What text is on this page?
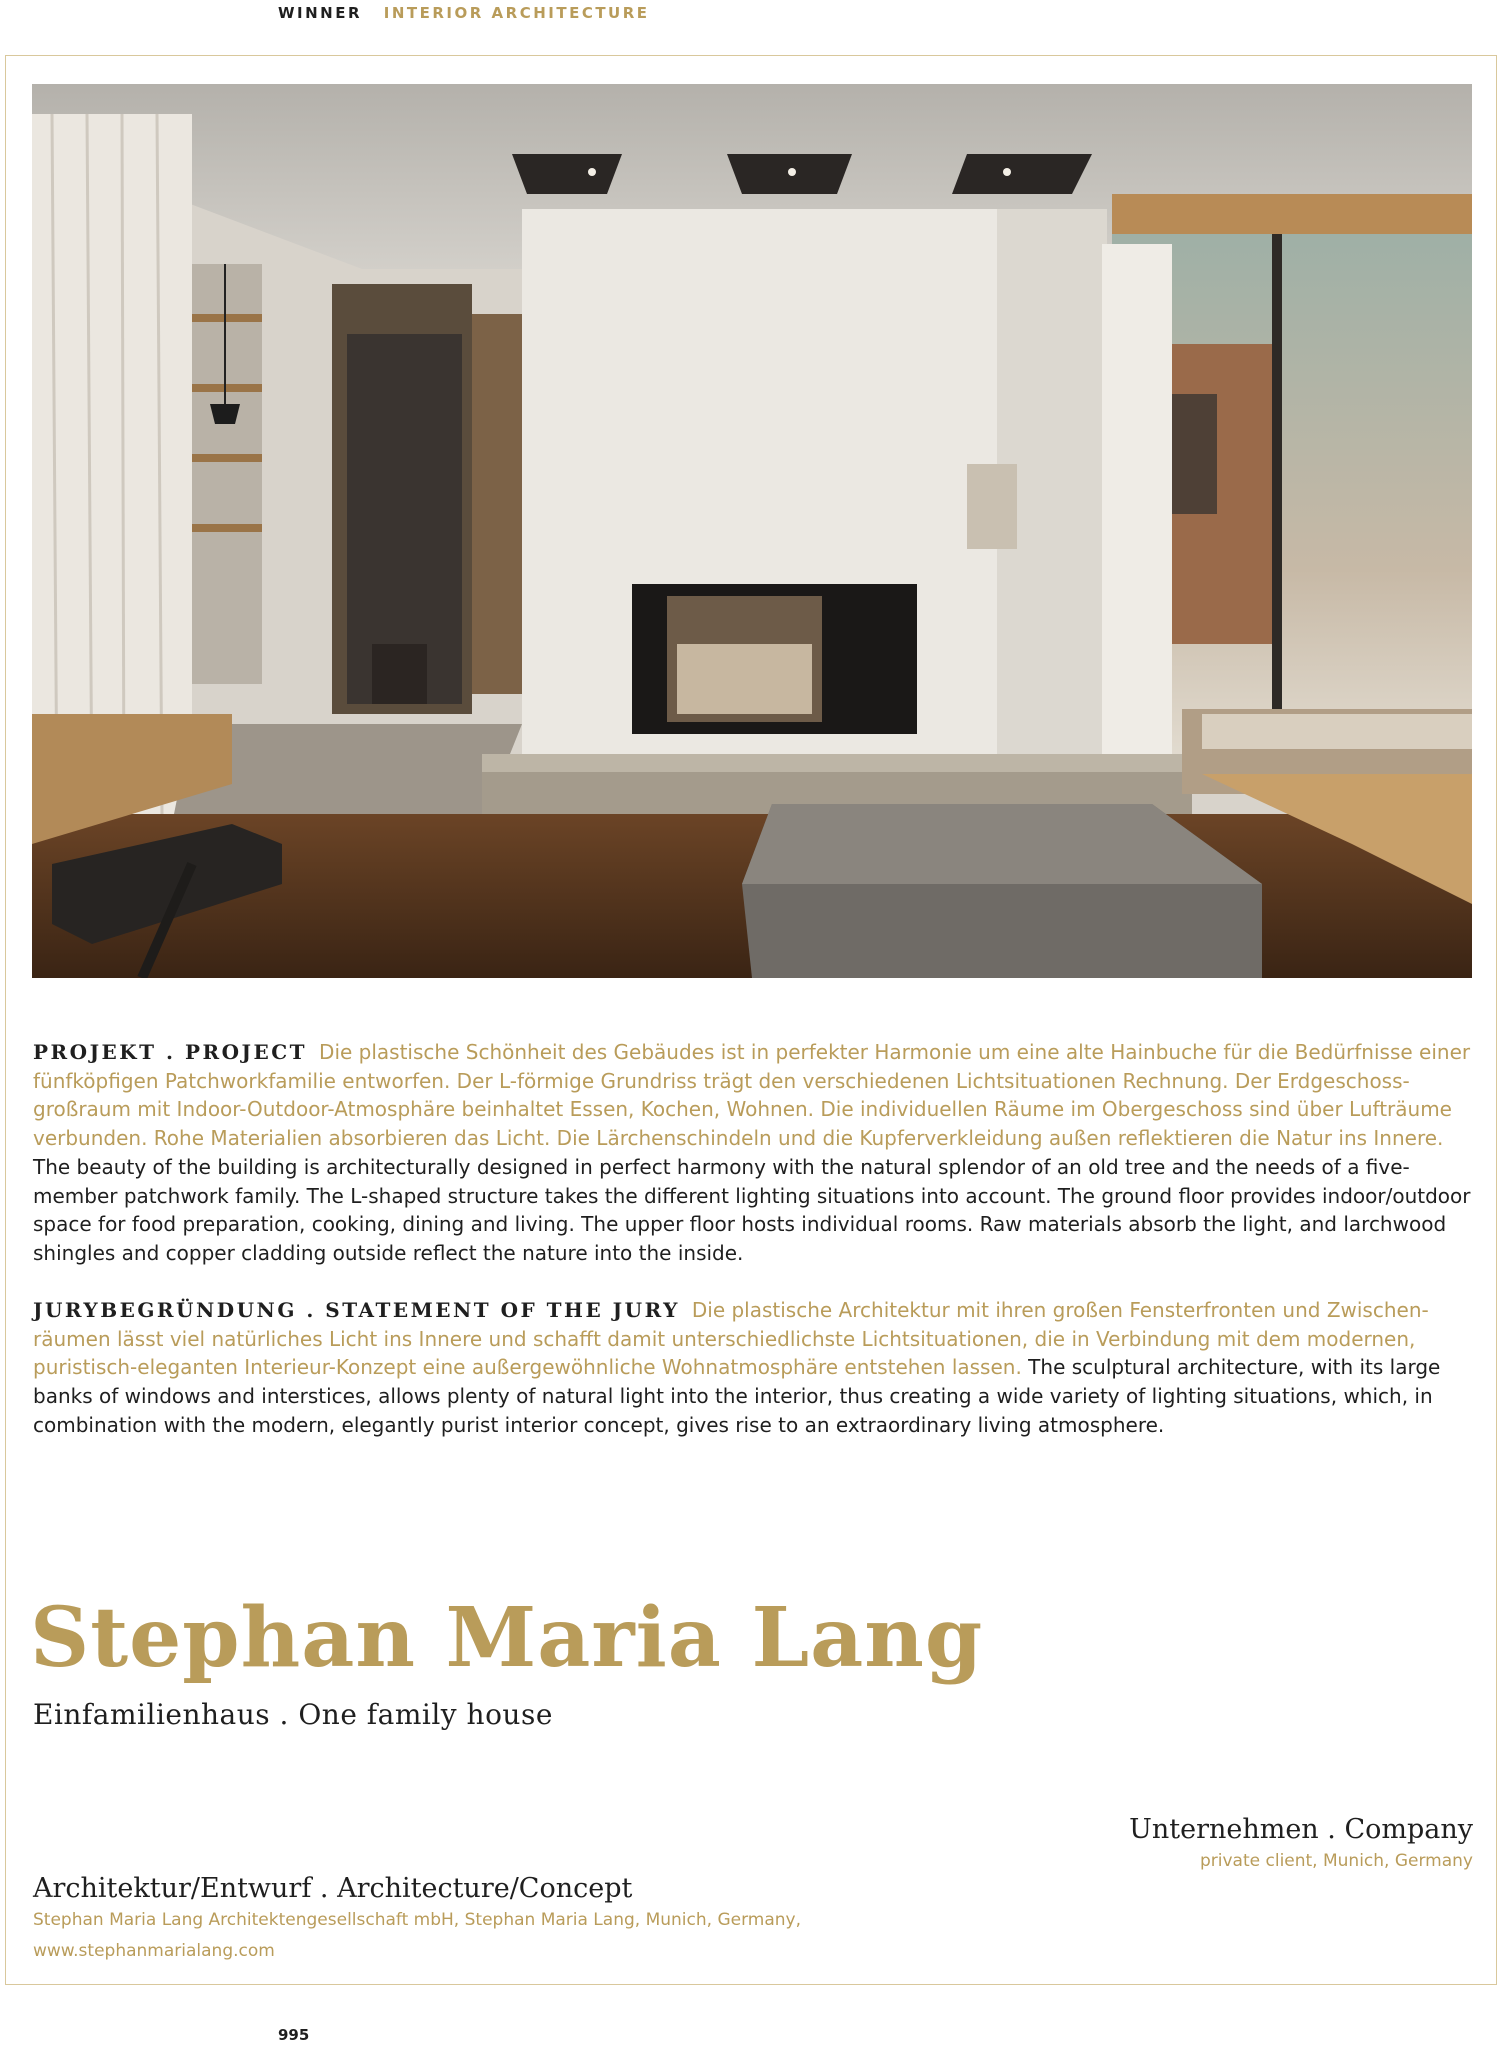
WINNER INTERIOR ARCHITECTURE
PROJEKT . PROJECT Die plastische Schönheit des Gebäudes ist in perfekter Harmonie um eine alte Hainbuche für die Bedürfnisse einer fünfköpfigen Patchworkfamilie entworfen. Der L-förmige Grundriss trägt den verschiedenen Lichtsituationen Rechnung. Der Erdgeschoss-großraum mit Indoor-Outdoor-Atmosphäre beinhaltet Essen, Kochen, Wohnen. Die individuellen Räume im Obergeschoss sind über Lufträume verbunden. Rohe Materialien absorbieren das Licht. Die Lärchenschindeln und die Kupferverkleidung außen reflektieren die Natur ins Innere. The beauty of the building is architecturally designed in perfect harmony with the natural splendor of an old tree and the needs of a five-member patchwork family. The L-shaped structure takes the different lighting situations into account. The ground floor provides indoor/outdoor space for food preparation, cooking, dining and living. The upper floor hosts individual rooms. Raw materials absorb the light, and larchwood shingles and copper cladding outside reflect the nature into the inside.
JURYBEGRÜNDUNG . STATEMENT OF THE JURY Die plastische Architektur mit ihren großen Fensterfronten und Zwischen-räumen lässt viel natürliches Licht ins Innere und schafft damit unterschiedlichste Lichtsituationen, die in Verbindung mit dem modernen, puristisch-eleganten Interieur-Konzept eine außergewöhnliche Wohnatmosphäre entstehen lassen. The sculptural architecture, with its large banks of windows and interstices, allows plenty of natural light into the interior, thus creating a wide variety of lighting situations, which, in combination with the modern, elegantly purist interior concept, gives rise to an extraordinary living atmosphere.
Stephan Maria Lang
Einfamilienhaus . One family house
Unternehmen . Company
private client, Munich, Germany
Architektur/Entwurf . Architecture/Concept
Stephan Maria Lang Architektengesellschaft mbH, Stephan Maria Lang, Munich, Germany,
www.stephanmarialang.com
995
